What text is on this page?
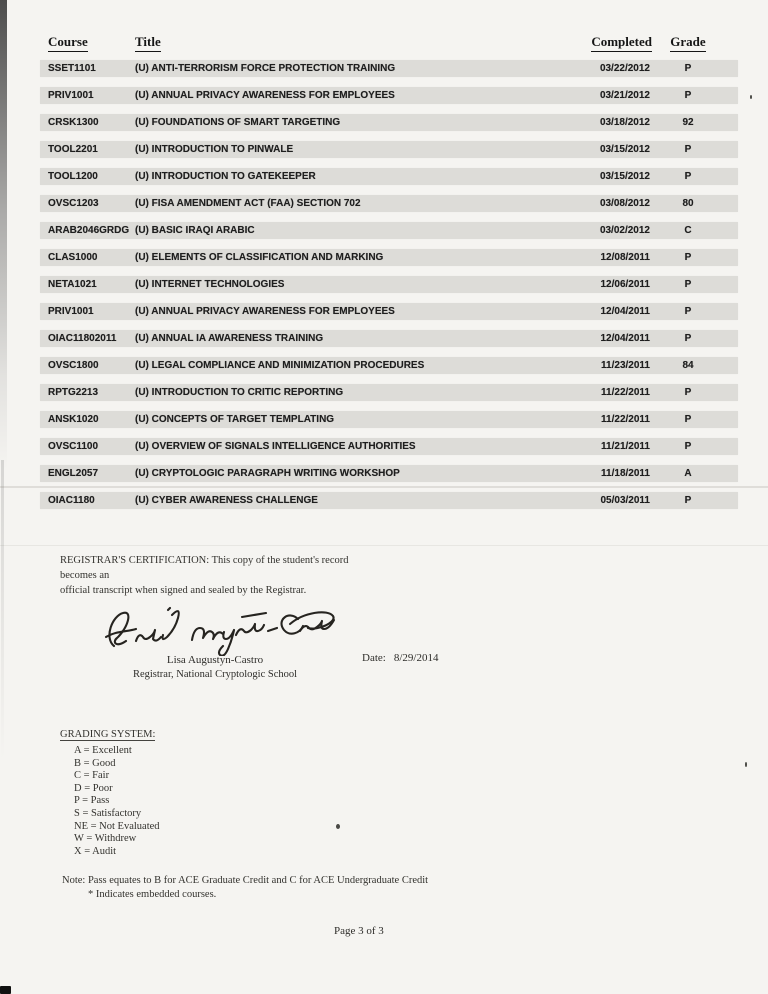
Course	Title	Completed	Grade
SSET1101	(U) ANTI-TERRORISM FORCE PROTECTION TRAINING	03/22/2012	P
PRIV1001	(U) ANNUAL PRIVACY AWARENESS FOR EMPLOYEES	03/21/2012	P
CRSK1300	(U) FOUNDATIONS OF SMART TARGETING	03/18/2012	92
TOOL2201	(U) INTRODUCTION TO PINWALE	03/15/2012	P
TOOL1200	(U) INTRODUCTION TO GATEKEEPER	03/15/2012	P
OVSC1203	(U) FISA AMENDMENT ACT (FAA) SECTION 702	03/08/2012	80
ARAB2046GRDG (U) BASIC IRAQI ARABIC	03/02/2012	C
CLAS1000	(U) ELEMENTS OF CLASSIFICATION AND MARKING	12/08/2011	P
NETA1021	(U) INTERNET TECHNOLOGIES	12/06/2011	P
PRIV1001	(U) ANNUAL PRIVACY AWARENESS FOR EMPLOYEES	12/04/2011	P
OIAC11802011	(U) ANNUAL IA AWARENESS TRAINING	12/04/2011	P
OVSC1800	(U) LEGAL COMPLIANCE AND MINIMIZATION PROCEDURES	11/23/2011	84
RPTG2213	(U) INTRODUCTION TO CRITIC REPORTING	11/22/2011	P
ANSK1020	(U) CONCEPTS OF TARGET TEMPLATING	11/22/2011	P
OVSC1100	(U) OVERVIEW OF SIGNALS INTELLIGENCE AUTHORITIES	11/21/2011	P
ENGL2057	(U) CRYPTOLOGIC PARAGRAPH WRITING WORKSHOP	11/18/2011	A
OIAC1180	(U) CYBER AWARENESS CHALLENGE	05/03/2011	P
REGISTRAR'S CERTIFICATION: This copy of the student's record becomes an
official transcript when signed and sealed by the Registrar.
Lisa Augustyn-Castro
Registrar, National Cryptologic School
Date: 8/29/2014
GRADING SYSTEM:
A = Excellent
B = Good
C = Fair
D = Poor
P = Pass
S = Satisfactory
NE = Not Evaluated
W = Withdrew
X = Audit
Note: Pass equates to B for ACE Graduate Credit and C for ACE Undergraduate Credit
* Indicates embedded courses.
Page 3 of 3
